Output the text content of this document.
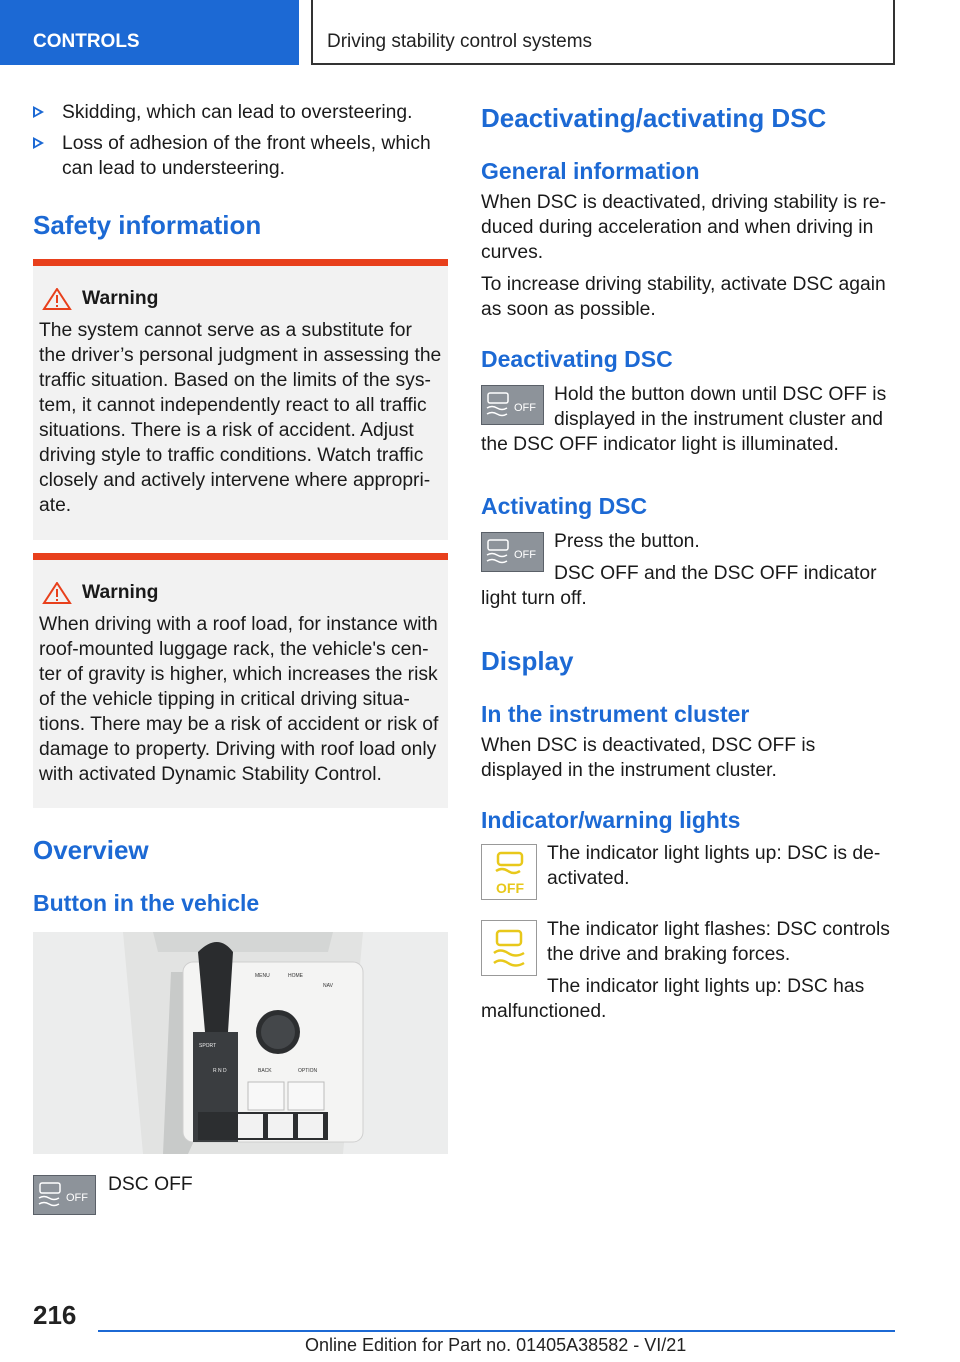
CONTROLS	Driving stability control systems

Skidding, which can lead to oversteering.

Loss of adhesion of the front wheels, which can lead to understeering.

Safety information
Warning

The system cannot serve as a substitute for the driver’s personal judgment in assessing the traffic situation. Based on the limits of the sys-tem, it cannot independently react to all traffic situations. There is a risk of accident. Adjust driving style to traffic conditions. Watch traffic closely and actively intervene where appropri-ate.

Warning

When driving with a roof load, for instance with roof-mounted luggage rack, the vehicle's cen-ter of gravity is higher, which increases the risk of the vehicle tipping in critical driving situa-tions. There may be a risk of accident or risk of damage to property. Driving with roof load only with activated Dynamic Stability Control.

Overview
Button in the vehicle
MENU	HOME
NAV
BACK	OPTION
R N D
SPORT
OFF

DSC OFF

Deactivating/activating DSC
General information

When DSC is deactivated, driving stability is re-duced during acceleration and when driving in curves.

To increase driving stability, activate DSC again as soon as possible.

Deactivating DSC
OFF

Hold the button down until DSC OFF is displayed in the instrument cluster and

the DSC OFF indicator light is illuminated.

Activating DSC
OFF

Press the button.

DSC OFF and the DSC OFF indicator

light turn off.

Display
In the instrument cluster

When DSC is deactivated, DSC OFF is displayed in the instrument cluster.

Indicator/warning lights
OFF

The indicator light lights up: DSC is de-activated.

The indicator light flashes: DSC controls the drive and braking forces.

The indicator light lights up: DSC has

malfunctioned.

216
Online Edition for Part no. 01405A38582 - VI/21
